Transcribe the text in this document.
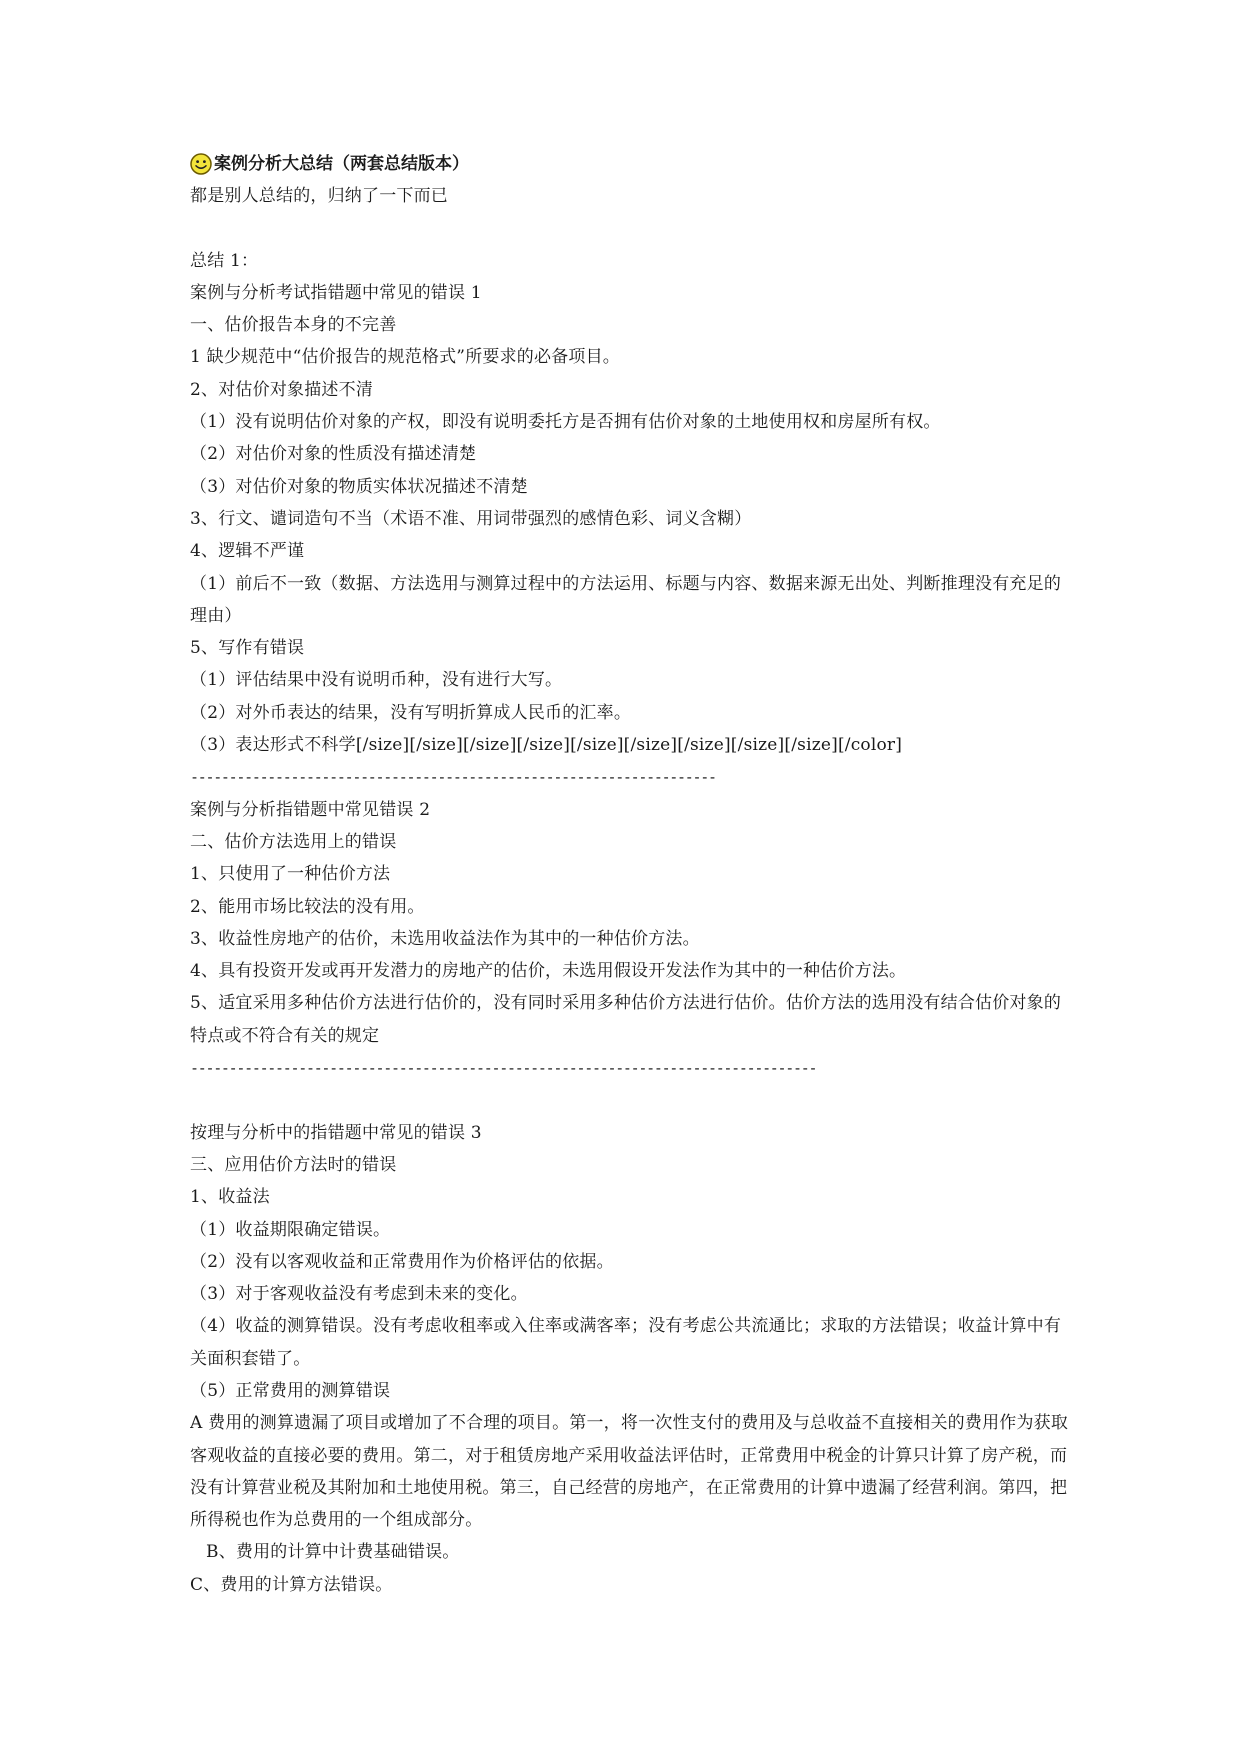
案例分析大总结（两套总结版本）
都是别人总结的，归纳了一下而已
总结 1：
案例与分析考试指错题中常见的错误 1
一、估价报告本身的不完善
1 缺少规范中“估价报告的规范格式”所要求的必备项目。
2、对估价对象描述不清
（1）没有说明估价对象的产权，即没有说明委托方是否拥有估价对象的土地使用权和房屋所有权。
（2）对估价对象的性质没有描述清楚
（3）对估价对象的物质实体状况描述不清楚
3、行文、谴词造句不当（术语不准、用词带强烈的感情色彩、词义含糊）
4、逻辑不严谨
（1）前后不一致（数据、方法选用与测算过程中的方法运用、标题与内容、数据来源无出处、判断推理没有充足的理由）
5、写作有错误
（1）评估结果中没有说明币种，没有进行大写。
（2）对外币表达的结果，没有写明折算成人民币的汇率。
（3）表达形式不科学[/size][/size][/size][/size][/size][/size][/size][/size][/size][/color]
--------------------------------------------------------------------
案例与分析指错题中常见错误 2
二、估价方法选用上的错误
1、只使用了一种估价方法
2、能用市场比较法的没有用。
3、收益性房地产的估价，未选用收益法作为其中的一种估价方法。
4、具有投资开发或再开发潜力的房地产的估价，未选用假设开发法作为其中的一种估价方法。
5、适宜采用多种估价方法进行估价的，没有同时采用多种估价方法进行估价。估价方法的选用没有结合估价对象的特点或不符合有关的规定
---------------------------------------------------------------------------------
按理与分析中的指错题中常见的错误 3
三、应用估价方法时的错误
1、收益法
（1）收益期限确定错误。
（2）没有以客观收益和正常费用作为价格评估的依据。
（3）对于客观收益没有考虑到未来的变化。
（4）收益的测算错误。没有考虑收租率或入住率或满客率；没有考虑公共流通比；求取的方法错误；收益计算中有关面积套错了。
（5）正常费用的测算错误
A 费用的测算遗漏了项目或增加了不合理的项目。第一，将一次性支付的费用及与总收益不直接相关的费用作为获取客观收益的直接必要的费用。第二，对于租赁房地产采用收益法评估时，正常费用中税金的计算只计算了房产税，而没有计算营业税及其附加和土地使用税。第三，自己经营的房地产，在正常费用的计算中遗漏了经营利润。第四，把所得税也作为总费用的一个组成部分。
B、费用的计算中计费基础错误。
C、费用的计算方法错误。
